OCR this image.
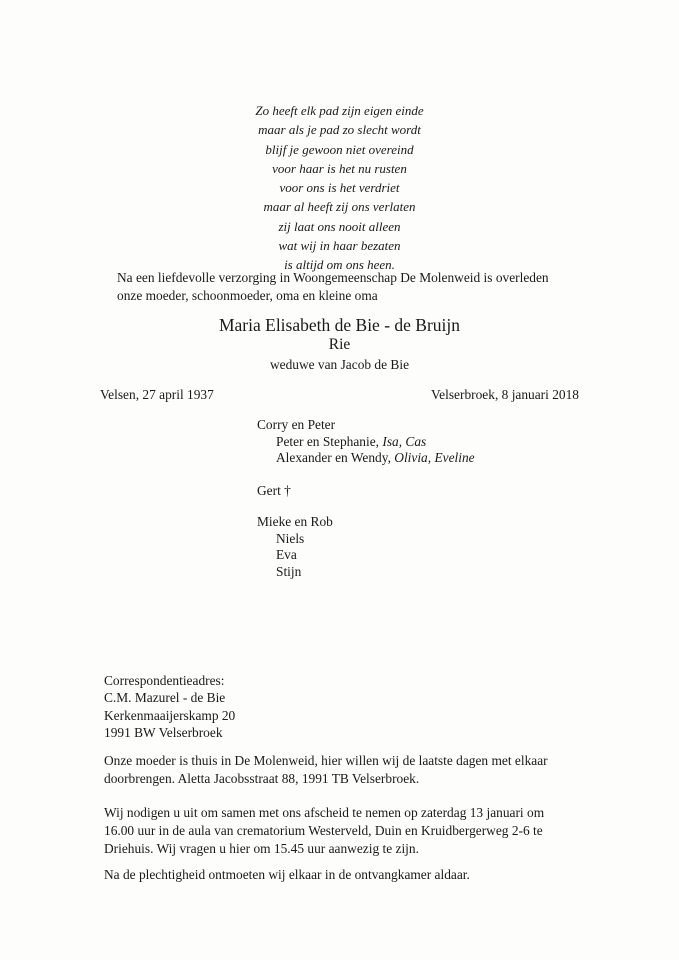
Zo heeft elk pad zijn eigen einde
maar als je pad zo slecht wordt
blijf je gewoon niet overeind
voor haar is het nu rusten
voor ons is het verdriet
maar al heeft zij ons verlaten
zij laat ons nooit alleen
wat wij in haar bezaten
is altijd om ons heen.
Na een liefdevolle verzorging in Woongemeenschap De Molenweid is overleden
onze moeder, schoonmoeder, oma en kleine oma
Maria Elisabeth de Bie - de Bruijn
Rie
weduwe van Jacob de Bie
Velsen, 27 april 1937	Velserbroek, 8 januari 2018
Corry en Peter
Peter en Stephanie, Isa, Cas
Alexander en Wendy, Olivia, Eveline
Gert †
Mieke en Rob
Niels
Eva
Stijn
Correspondentieadres:
C.M. Mazurel - de Bie
Kerkenmaaijerskamp 20
1991 BW Velserbroek
Onze moeder is thuis in De Molenweid, hier willen wij de laatste dagen met elkaar
doorbrengen. Aletta Jacobsstraat 88, 1991 TB Velserbroek.
Wij nodigen u uit om samen met ons afscheid te nemen op zaterdag 13 januari om
16.00 uur in de aula van crematorium Westerveld, Duin en Kruidbergerweg 2-6 te
Driehuis. Wij vragen u hier om 15.45 uur aanwezig te zijn.
Na de plechtigheid ontmoeten wij elkaar in de ontvangkamer aldaar.
